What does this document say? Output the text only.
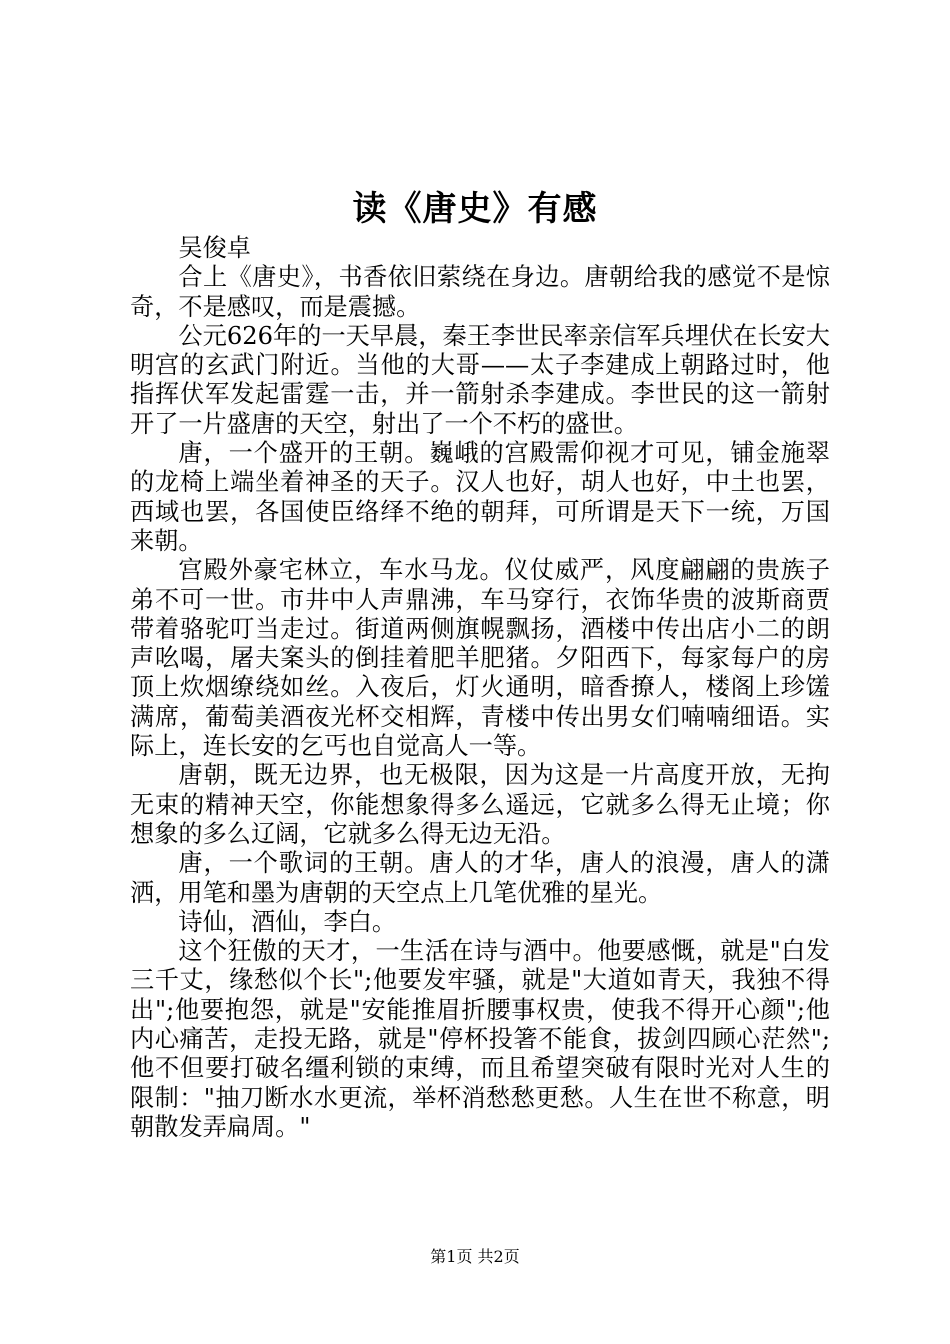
读《唐史》有感

吴俊卓

合上《唐史》，书香依旧萦绕在身边。唐朝给我的感觉不是惊奇，不是感叹，而是震撼。

公元626年的一天早晨，秦王李世民率亲信军兵埋伏在长安大明宫的玄武门附近。当他的大哥——太子李建成上朝路过时，他指挥伏军发起雷霆一击，并一箭射杀李建成。李世民的这一箭射开了一片盛唐的天空，射出了一个不朽的盛世。

唐，一个盛开的王朝。巍峨的宫殿需仰视才可见，铺金施翠的龙椅上端坐着神圣的天子。汉人也好，胡人也好，中土也罢，西域也罢，各国使臣络绎不绝的朝拜，可所谓是天下一统，万国来朝。

宫殿外豪宅林立，车水马龙。仪仗威严，风度翩翩的贵族子弟不可一世。市井中人声鼎沸，车马穿行，衣饰华贵的波斯商贾带着骆驼叮当走过。街道两侧旗幌飘扬，酒楼中传出店小二的朗声吆喝，屠夫案头的倒挂着肥羊肥猪。夕阳西下，每家每户的房顶上炊烟缭绕如丝。入夜后，灯火通明，暗香撩人，楼阁上珍馐满席，葡萄美酒夜光杯交相辉，青楼中传出男女们喃喃细语。实际上，连长安的乞丐也自觉高人一等。

唐朝，既无边界，也无极限，因为这是一片高度开放，无拘无束的精神天空，你能想象得多么遥远，它就多么得无止境；你想象的多么辽阔，它就多么得无边无沿。

唐，一个歌词的王朝。唐人的才华，唐人的浪漫，唐人的潇洒，用笔和墨为唐朝的天空点上几笔优雅的星光。

诗仙，酒仙，李白。

这个狂傲的天才，一生活在诗与酒中。他要感慨，就是"白发三千丈，缘愁似个长";他要发牢骚，就是"大道如青天，我独不得出";他要抱怨，就是"安能推眉折腰事权贵，使我不得开心颜";他内心痛苦，走投无路，就是"停杯投箸不能食，拔剑四顾心茫然";他不但要打破名缰利锁的束缚，而且希望突破有限时光对人生的限制："抽刀断水水更流，举杯消愁愁更愁。人生在世不称意，明朝散发弄扁周。"

第1页 共2页
